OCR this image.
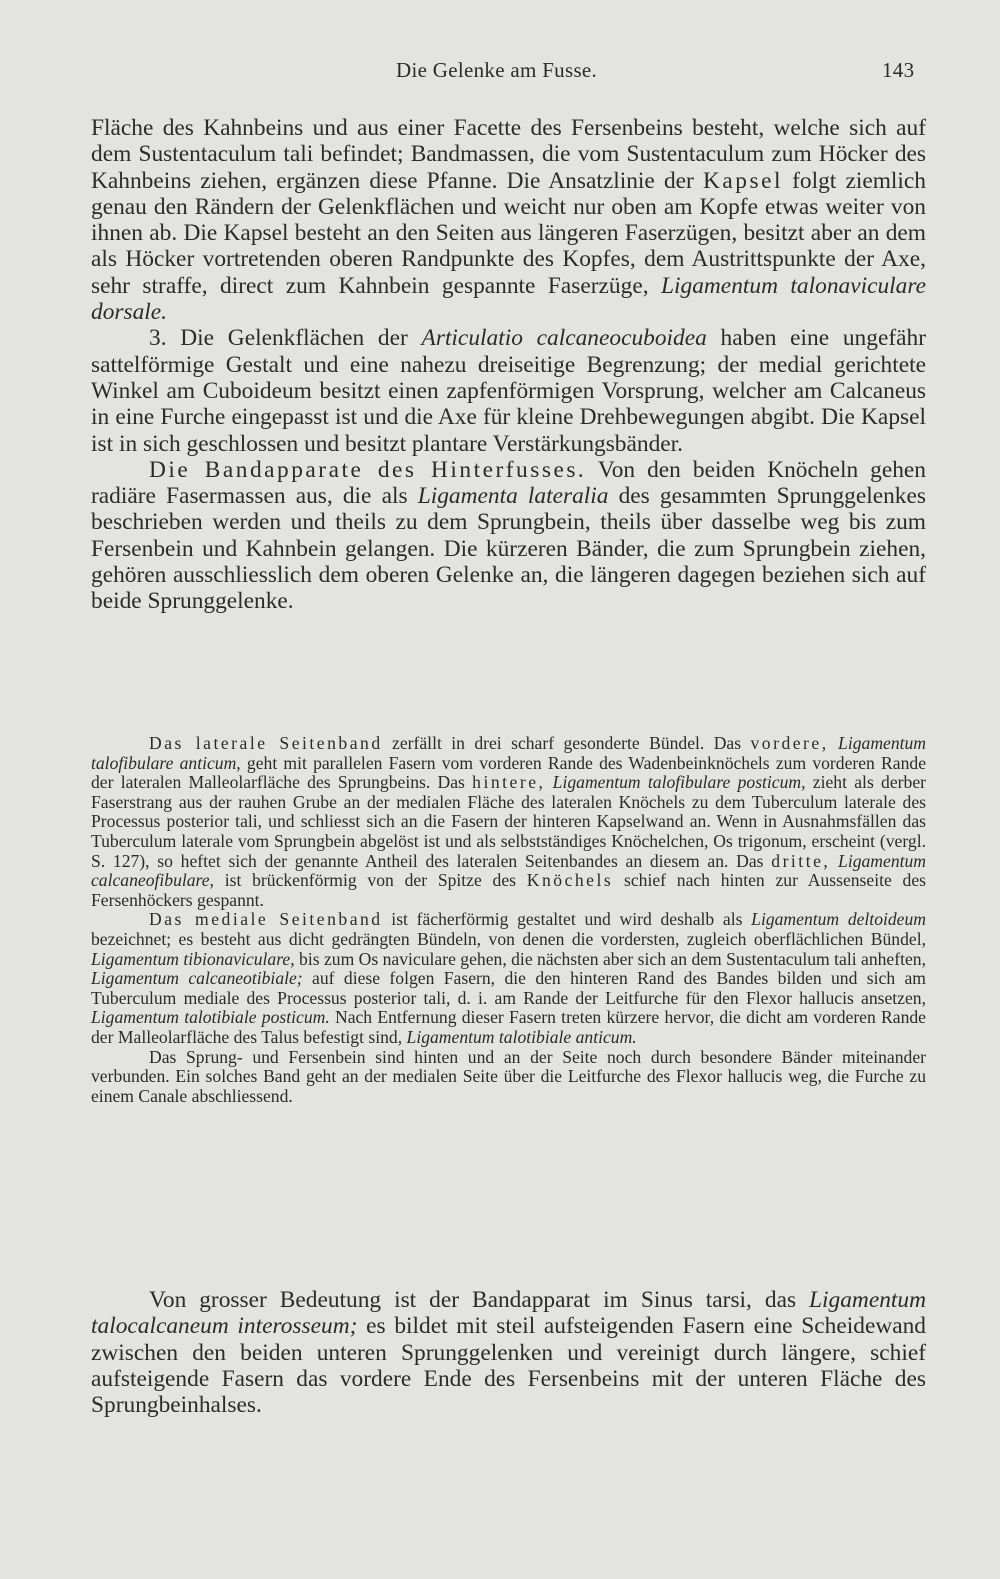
Die Gelenke am Fusse.	143

Fläche des Kahnbeins und aus einer Facette des Fersenbeins besteht, welche sich auf dem Sustentaculum tali befindet; Bandmassen, die vom Sustentaculum zum Höcker des Kahnbeins ziehen, ergänzen diese Pfanne. Die Ansatzlinie der Kapsel folgt ziemlich genau den Rändern der Gelenkflächen und weicht nur oben am Kopfe etwas weiter von ihnen ab. Die Kapsel besteht an den Seiten aus längeren Faserzügen, besitzt aber an dem als Höcker vortretenden oberen Randpunkte des Kopfes, dem Austrittspunkte der Axe, sehr straffe, direct zum Kahnbein gespannte Faserzüge, Ligamentum talonaviculare dorsale.

3. Die Gelenkflächen der Articulatio calcaneocuboidea haben eine ungefähr sattelförmige Gestalt und eine nahezu dreiseitige Begrenzung; der medial gerichtete Winkel am Cuboideum besitzt einen zapfenförmigen Vorsprung, welcher am Calcaneus in eine Furche eingepasst ist und die Axe für kleine Drehbewegungen abgibt. Die Kapsel ist in sich geschlossen und besitzt plantare Verstärkungsbänder.

Die Bandapparate des Hinterfusses. Von den beiden Knöcheln gehen radiäre Fasermassen aus, die als Ligamenta lateralia des gesammten Sprunggelenkes beschrieben werden und theils zu dem Sprungbein, theils über dasselbe weg bis zum Fersenbein und Kahnbein gelangen. Die kürzeren Bänder, die zum Sprungbein ziehen, gehören ausschliesslich dem oberen Gelenke an, die längeren dagegen beziehen sich auf beide Sprunggelenke.

Das laterale Seitenband zerfällt in drei scharf gesonderte Bündel. Das vordere, Ligamentum talofibulare anticum, geht mit parallelen Fasern vom vorderen Rande des Wadenbeinknöchels zum vorderen Rande der lateralen Malleolarfläche des Sprungbeins. Das hintere, Ligamentum talofibulare posticum, zieht als derber Faserstrang aus der rauhen Grube an der medialen Fläche des lateralen Knöchels zu dem Tuberculum laterale des Processus posterior tali, und schliesst sich an die Fasern der hinteren Kapselwand an. Wenn in Ausnahmsfällen das Tuberculum laterale vom Sprungbein abgelöst ist und als selbstständiges Knöchelchen, Os trigonum, erscheint (vergl. S. 127), so heftet sich der genannte Antheil des lateralen Seitenbandes an diesem an. Das dritte, Ligamentum calcaneofibulare, ist brückenförmig von der Spitze des Knöchels schief nach hinten zur Aussenseite des Fersenhöckers gespannt.

Das mediale Seitenband ist fächerförmig gestaltet und wird deshalb als Ligamentum deltoideum bezeichnet; es besteht aus dicht gedrängten Bündeln, von denen die vordersten, zugleich oberflächlichen Bündel, Ligamentum tibionaviculare, bis zum Os naviculare gehen, die nächsten aber sich an dem Sustentaculum tali anheften, Ligamentum calcaneotibiale; auf diese folgen Fasern, die den hinteren Rand des Bandes bilden und sich am Tuberculum mediale des Processus posterior tali, d. i. am Rande der Leitfurche für den Flexor hallucis ansetzen, Ligamentum talotibiale posticum. Nach Entfernung dieser Fasern treten kürzere hervor, die dicht am vorderen Rande der Malleolarfläche des Talus befestigt sind, Ligamentum talotibiale anticum.

Das Sprung- und Fersenbein sind hinten und an der Seite noch durch besondere Bänder miteinander verbunden. Ein solches Band geht an der medialen Seite über die Leitfurche des Flexor hallucis weg, die Furche zu einem Canale abschliessend.

Von grosser Bedeutung ist der Bandapparat im Sinus tarsi, das Ligamentum talocalcaneum interosseum; es bildet mit steil aufsteigenden Fasern eine Scheidewand zwischen den beiden unteren Sprunggelenken und vereinigt durch längere, schief aufsteigende Fasern das vordere Ende des Fersenbeins mit der unteren Fläche des Sprungbeinhalses.
